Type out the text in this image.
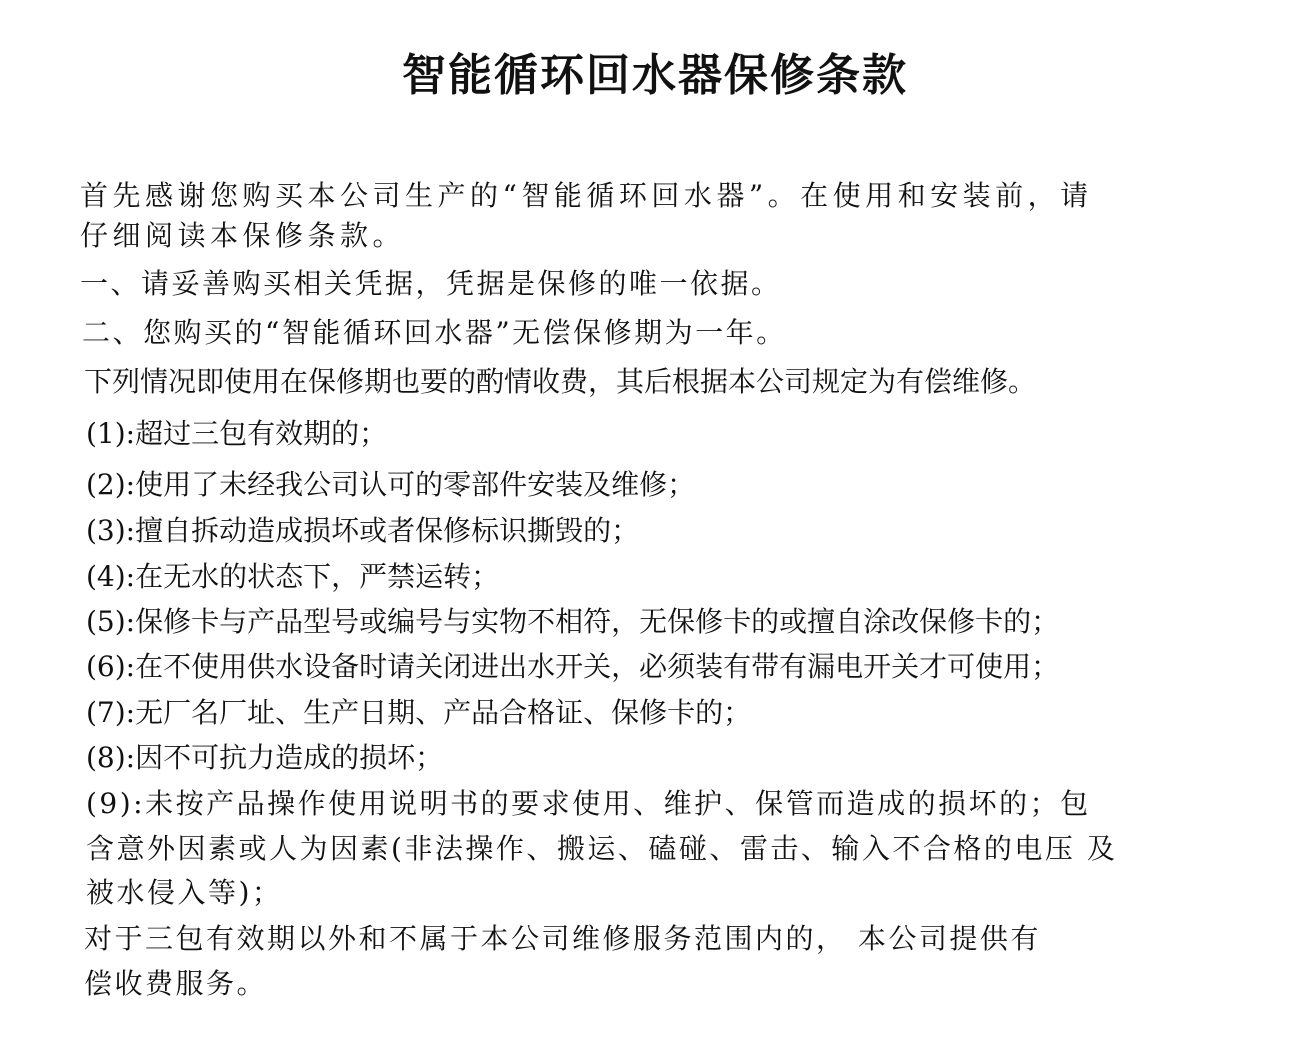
智能循环回水器保修条款
首先感谢您购买本公司生产的“智能循环回水器”。在使用和安装前，请
仔细阅读本保修条款。
一、请妥善购买相关凭据，凭据是保修的唯一依据。
二、您购买的“智能循环回水器”无偿保修期为一年。
下列情况即使用在保修期也要的酌情收费，其后根据本公司规定为有偿维修。
(1):超过三包有效期的；
(2):使用了未经我公司认可的零部件安装及维修；
(3):擅自拆动造成损坏或者保修标识撕毁的；
(4):在无水的状态下，严禁运转；
(5):保修卡与产品型号或编号与实物不相符，无保修卡的或擅自涂改保修卡的；
(6):在不使用供水设备时请关闭进出水开关，必须装有带有漏电开关才可使用；
(7):无厂名厂址、生产日期、产品合格证、保修卡的；
(8):因不可抗力造成的损坏；
(9):未按产品操作使用说明书的要求使用、维护、保管而造成的损坏的；包
含意外因素或人为因素(非法操作、搬运、磕碰、雷击、输入不合格的电压 及
被水侵入等)；
对于三包有效期以外和不属于本公司维修服务范围内的， 本公司提供有
偿收费服务。
